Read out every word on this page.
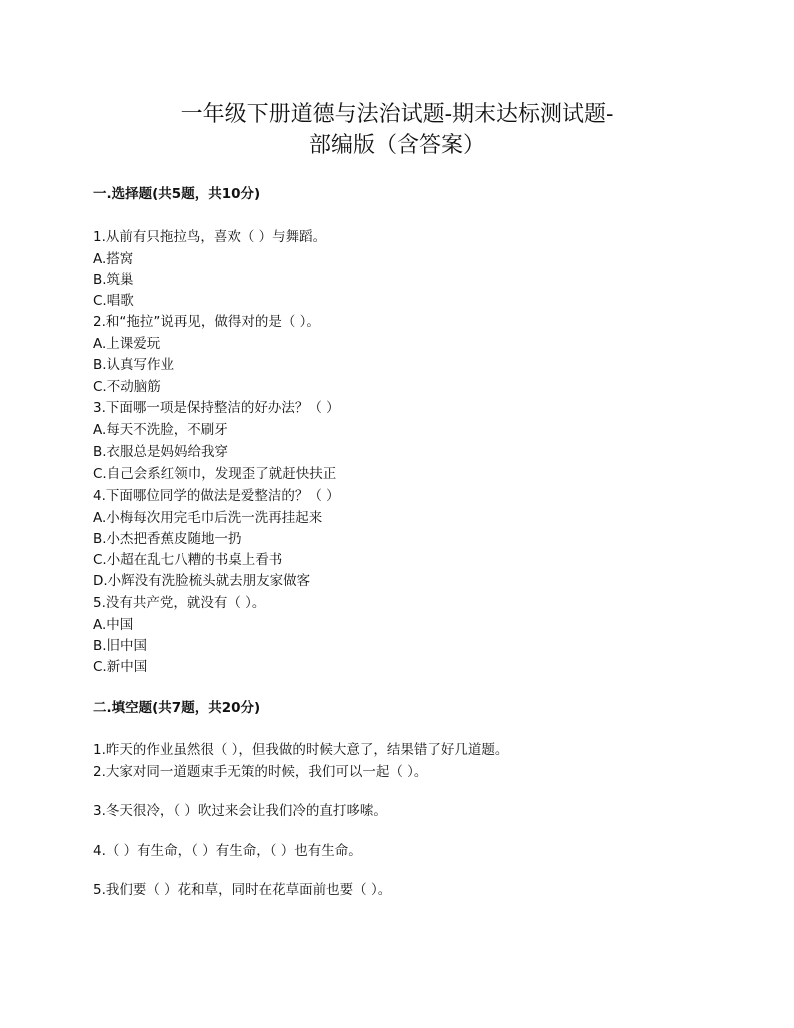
一年级下册道德与法治试题-期末达标测试题-
部编版（含答案）
一.选择题(共5题，共10分)
1.从前有只拖拉鸟，喜欢（ ）与舞蹈。
A.搭窝
B.筑巢
C.唱歌
2.和“拖拉”说再见，做得对的是（ ）。
A.上课爱玩
B.认真写作业
C.不动脑筋
3.下面哪一项是保持整洁的好办法？（ ）
A.每天不洗脸，不刷牙
B.衣服总是妈妈给我穿
C.自己会系红领巾，发现歪了就赶快扶正
4.下面哪位同学的做法是爱整洁的？（ ）
A.小梅每次用完毛巾后洗一洗再挂起来
B.小杰把香蕉皮随地一扔
C.小超在乱七八糟的书桌上看书
D.小辉没有洗脸梳头就去朋友家做客
5.没有共产党，就没有（ ）。
A.中国
B.旧中国
C.新中国
二.填空题(共7题，共20分)
1.昨天的作业虽然很（ ），但我做的时候大意了，结果错了好几道题。
2.大家对同一道题束手无策的时候，我们可以一起（ ）。
3.冬天很冷，（ ）吹过来会让我们冷的直打哆嗦。
4.（ ）有生命，（ ）有生命，（ ）也有生命。
5.我们要（ ）花和草，同时在花草面前也要（ ）。
